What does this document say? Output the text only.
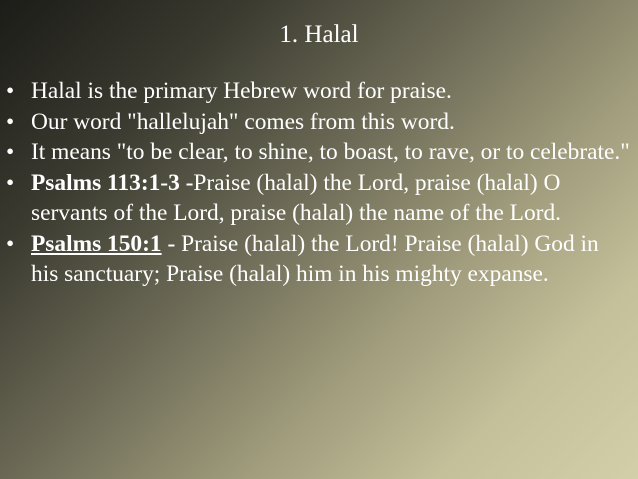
1. Halal
• Halal is the primary Hebrew word for praise.
• Our word "hallelujah" comes from this word.
• It means "to be clear, to shine, to boast, to rave, or to celebrate."
• Psalms 113:1-3 -Praise (halal) the Lord, praise (halal) O servants of the Lord, praise (halal) the name of the Lord.
• Psalms 150:1 - Praise (halal) the Lord! Praise (halal) God in his sanctuary; Praise (halal) him in his mighty expanse.
